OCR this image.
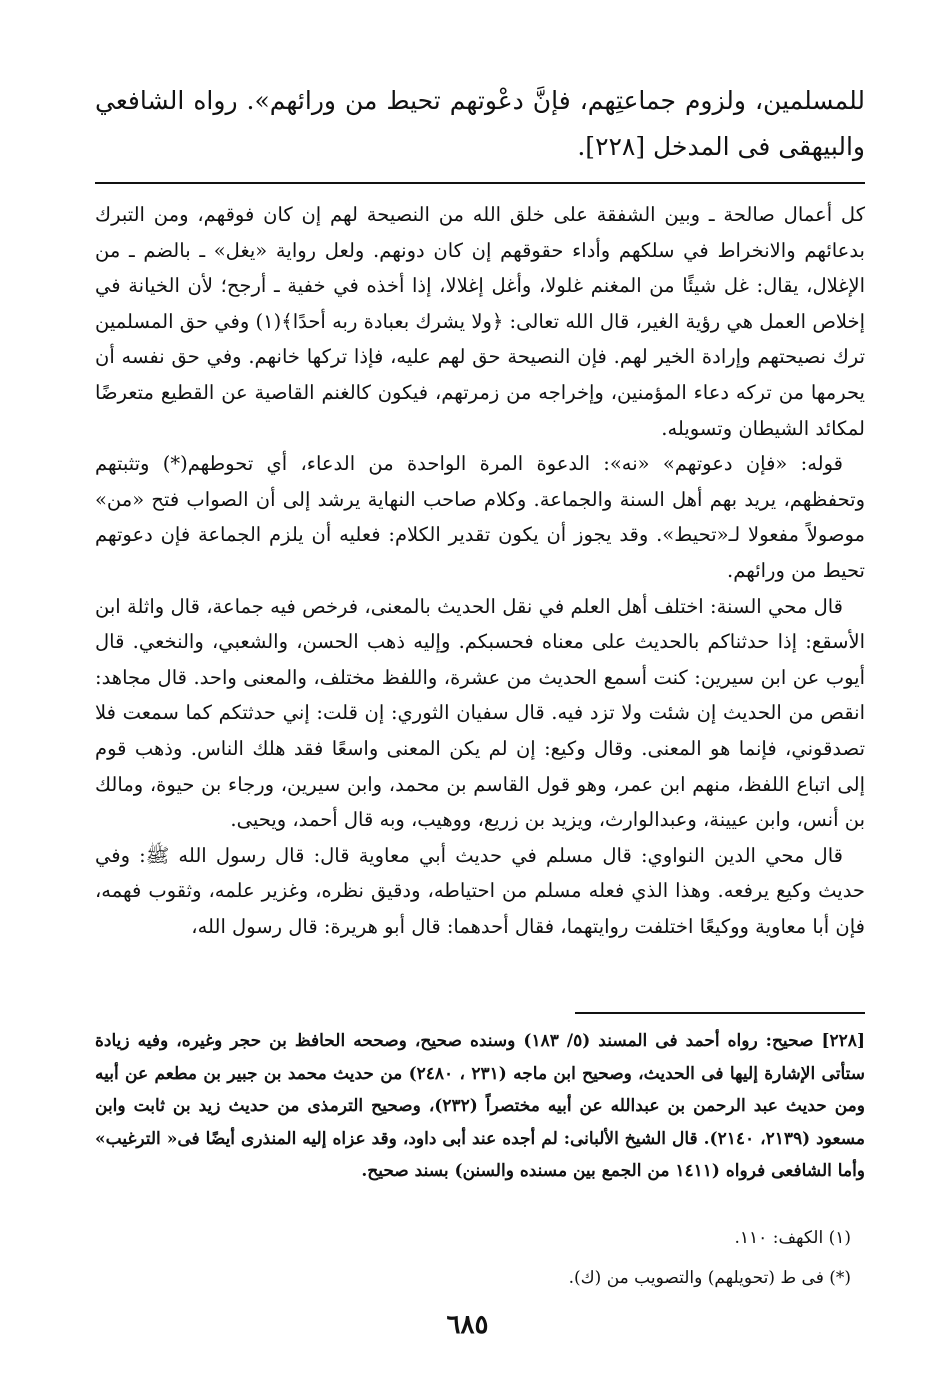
للمسلمين، ولزوم جماعتِهم، فإنَّ دعْوتهم تحيط من ورائهم». رواه الشافعي والبيهقى فى المدخل [٢٢٨].

كل أعمال صالحة ـ وبين الشفقة على خلق الله من النصيحة لهم إن كان فوقهم، ومن التبرك بدعائهم والانخراط في سلكهم وأداء حقوقهم إن كان دونهم. ولعل رواية «يغل» ـ بالضم ـ من الإغلال، يقال: غل شيئًا من المغنم غلولا، وأغل إغلالا، إذا أخذه في خفية ـ أرجح؛ لأن الخيانة في إخلاص العمل هي رؤية الغير، قال الله تعالى: ﴿ولا يشرك بعبادة ربه أحدًا﴾(١) وفي حق المسلمين ترك نصيحتهم وإرادة الخير لهم. فإن النصيحة حق لهم عليه، فإذا تركها خانهم. وفي حق نفسه أن يحرمها من تركه دعاء المؤمنين، وإخراجه من زمرتهم، فيكون كالغنم القاصية عن القطيع متعرضًا لمكائد الشيطان وتسويله.

قوله: «فإن دعوتهم» «نه»: الدعوة المرة الواحدة من الدعاء، أي تحوطهم(*) وتثبتهم وتحفظهم، يريد بهم أهل السنة والجماعة. وكلام صاحب النهاية يرشد إلى أن الصواب فتح «من» موصولاً مفعولا لـ«تحيط». وقد يجوز أن يكون تقدير الكلام: فعليه أن يلزم الجماعة فإن دعوتهم تحيط من ورائهم.

قال محي السنة: اختلف أهل العلم في نقل الحديث بالمعنى، فرخص فيه جماعة، قال واثلة ابن الأسقع: إذا حدثناكم بالحديث على معناه فحسبكم. وإليه ذهب الحسن، والشعبي، والنخعي. قال أيوب عن ابن سيرين: كنت أسمع الحديث من عشرة، واللفظ مختلف، والمعنى واحد. قال مجاهد: انقص من الحديث إن شئت ولا تزد فيه. قال سفيان الثوري: إن قلت: إني حدثتكم كما سمعت فلا تصدقوني، فإنما هو المعنى. وقال وكيع: إن لم يكن المعنى واسعًا فقد هلك الناس. وذهب قوم إلى اتباع اللفظ، منهم ابن عمر، وهو قول القاسم بن محمد، وابن سيرين، ورجاء بن حيوة، ومالك بن أنس، وابن عيينة، وعبدالوارث، ويزيد بن زريع، ووهيب، وبه قال أحمد، ويحيى.

قال محي الدين النواوي: قال مسلم في حديث أبي معاوية قال: قال رسول الله ﷺ: وفي حديث وكيع يرفعه. وهذا الذي فعله مسلم من احتياطه، ودقيق نظره، وغزير علمه، وثقوب فهمه، فإن أبا معاوية ووكيعًا اختلفت روايتهما، فقال أحدهما: قال أبو هريرة: قال رسول الله،

[٢٢٨] صحيح: رواه أحمد فى المسند (٥/ ١٨٣) وسنده صحيح، وصححه الحافظ بن حجر وغيره، وفيه زيادة ستأتى الإشارة إليها فى الحديث، وصحيح ابن ماجه (٢٣١ ، ٢٤٨٠) من حديث محمد بن جبير بن مطعم عن أبيه ومن حديث عبد الرحمن بن عبدالله عن أبيه مختصراً (٢٣٢)، وصحيح الترمذى من حديث زيد بن ثابت وابن مسعود (٢١٣٩، ٢١٤٠). قال الشيخ الألبانى: لم أجده عند أبى داود، وقد عزاه إليه المنذرى أيضًا فى« الترغيب» وأما الشافعى فرواه (١٤١١ من الجمع بين مسنده والسنن) بسند صحيح.

(١) الكهف: ١١٠.
(*) فى ط (تحويلهم) والتصويب من (ك).
٦٨٥
